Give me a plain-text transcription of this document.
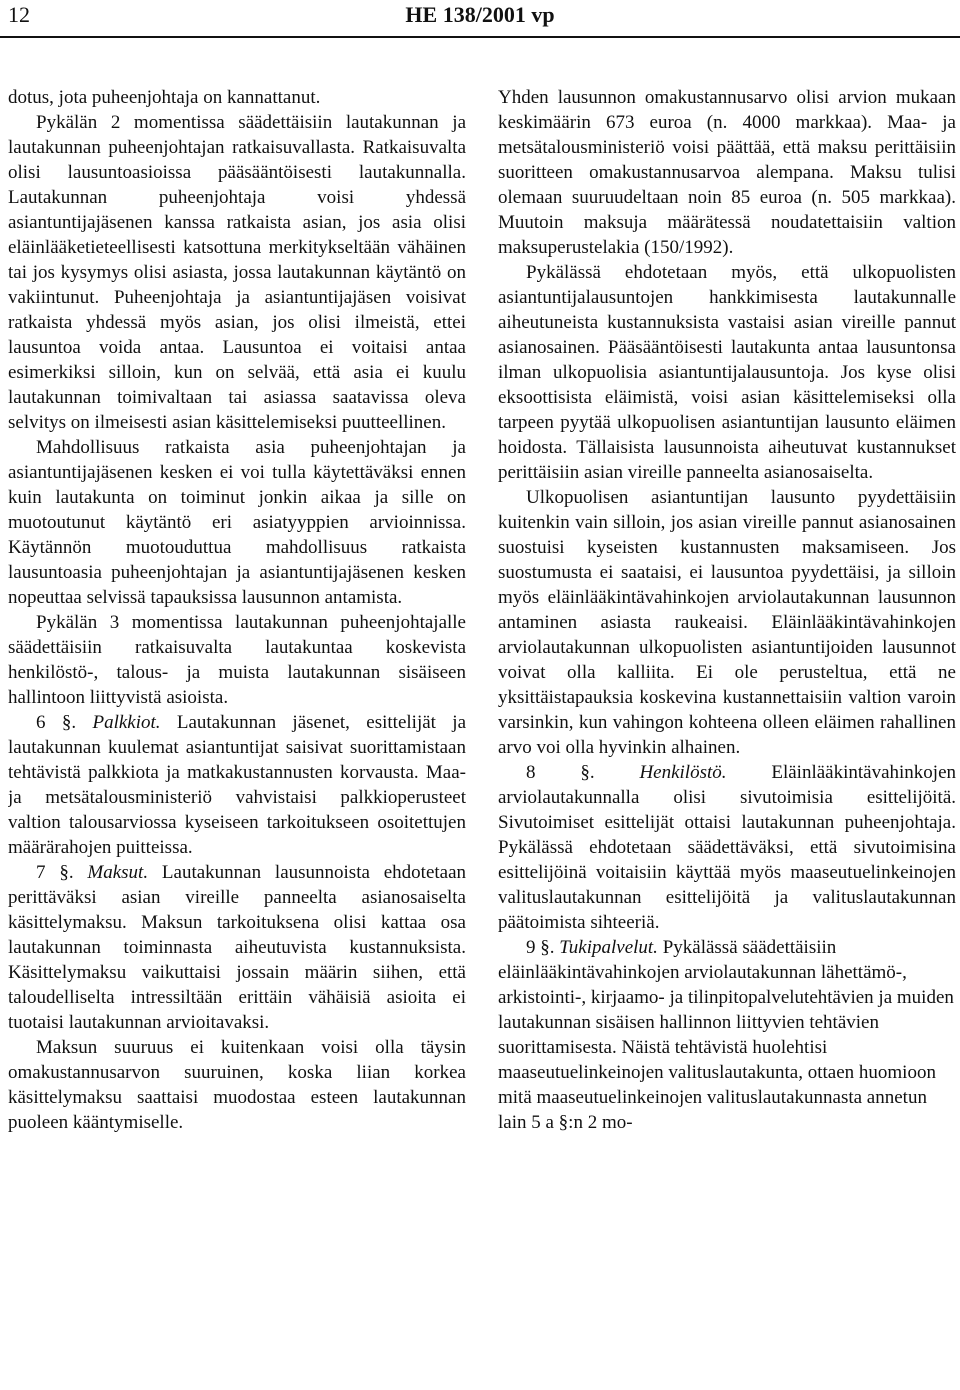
12	HE 138/2001 vp

dotus, jota puheenjohtaja on kannattanut.

Pykälän 2 momentissa säädettäisiin lautakunnan ja lautakunnan puheenjohtajan ratkaisuvallasta. Ratkaisuvalta olisi lausuntoasioissa pääsääntöisesti lautakunnalla. Lautakunnan puheenjohtaja voisi yhdessä asiantuntijajäsenen kanssa ratkaista asian, jos asia olisi eläinlääketieteellisesti katsottuna merkitykseltään vähäinen tai jos kysymys olisi asiasta, jossa lautakunnan käytäntö on vakiintunut. Puheenjohtaja ja asiantuntijajäsen voisivat ratkaista yhdessä myös asian, jos olisi ilmeistä, ettei lausuntoa voida antaa. Lausuntoa ei voitaisi antaa esimerkiksi silloin, kun on selvää, että asia ei kuulu lautakunnan toimivaltaan tai asiassa saatavissa oleva selvitys on ilmeisesti asian käsittelemiseksi puutteellinen.

Mahdollisuus ratkaista asia puheenjohtajan ja asiantuntijajäsenen kesken ei voi tulla käytettäväksi ennen kuin lautakunta on toiminut jonkin aikaa ja sille on muotoutunut käytäntö eri asiatyyppien arvioinnissa. Käytännön muotouduttua mahdollisuus ratkaista lausuntoasia puheenjohtajan ja asiantuntijajäsenen kesken nopeuttaa selvissä tapauksissa lausunnon antamista.

Pykälän 3 momentissa lautakunnan puheenjohtajalle säädettäisiin ratkaisuvalta lautakuntaa koskevista henkilöstö-, talous- ja muista lautakunnan sisäiseen hallintoon liittyvistä asioista.

6 §. Palkkiot. Lautakunnan jäsenet, esittelijät ja lautakunnan kuulemat asiantuntijat saisivat suorittamistaan tehtävistä palkkiota ja matkakustannusten korvausta. Maa- ja metsätalousministeriö vahvistaisi palkkioperusteet valtion talousarviossa kyseiseen tarkoitukseen osoitettujen määrärahojen puitteissa.

7 §. Maksut. Lautakunnan lausunnoista ehdotetaan perittäväksi asian vireille panneelta asianosaiselta käsittelymaksu. Maksun tarkoituksena olisi kattaa osa lautakunnan toiminnasta aiheutuvista kustannuksista. Käsittelymaksu vaikuttaisi jossain määrin siihen, että taloudelliselta intressiltään erittäin vähäisiä asioita ei tuotaisi lautakunnan arvioitavaksi.

Maksun suuruus ei kuitenkaan voisi olla täysin omakustannusarvon suuruinen, koska liian korkea käsittelymaksu saattaisi muodostaa esteen lautakunnan puoleen kääntymiselle.

Yhden lausunnon omakustannusarvo olisi arvion mukaan keskimäärin 673 euroa (n. 4000 markkaa). Maa- ja metsätalousministeriö voisi päättää, että maksu perittäisiin suoritteen omakustannusarvoa alempana. Maksu tulisi olemaan suuruudeltaan noin 85 euroa (n. 505 markkaa). Muutoin maksuja määrätessä noudatettaisiin valtion maksuperustelakia (150/1992).

Pykälässä ehdotetaan myös, että ulkopuolisten asiantuntijalausuntojen hankkimisesta lautakunnalle aiheutuneista kustannuksista vastaisi asian vireille pannut asianosainen. Pääsääntöisesti lautakunta antaa lausuntonsa ilman ulkopuolisia asiantuntijalausuntoja. Jos kyse olisi eksoottisista eläimistä, voisi asian käsittelemiseksi olla tarpeen pyytää ulkopuolisen asiantuntijan lausunto eläimen hoidosta. Tällaisista lausunnoista aiheutuvat kustannukset perittäisiin asian vireille panneelta asianosaiselta.

Ulkopuolisen asiantuntijan lausunto pyydettäisiin kuitenkin vain silloin, jos asian vireille pannut asianosainen suostuisi kyseisten kustannusten maksamiseen. Jos suostumusta ei saataisi, ei lausuntoa pyydettäisi, ja silloin myös eläinlääkintävahinkojen arviolautakunnan lausunnon antaminen asiasta raukeaisi. Eläinlääkintävahinkojen arviolautakunnan ulkopuolisten asiantuntijoiden lausunnot voivat olla kalliita. Ei ole perusteltua, että ne yksittäistapauksia koskevina kustannettaisiin valtion varoin varsinkin, kun vahingon kohteena olleen eläimen rahallinen arvo voi olla hyvinkin alhainen.

8 §. Henkilöstö. Eläinlääkintävahinkojen arviolautakunnalla olisi sivutoimisia esittelijöitä. Sivutoimiset esittelijät ottaisi lautakunnan puheenjohtaja. Pykälässä ehdotetaan säädettäväksi, että sivutoimisina esittelijöinä voitaisiin käyttää myös maaseutuelinkeinojen valituslautakunnan esittelijöitä ja valituslautakunnan päätoimista sihteeriä.

9 §. Tukipalvelut. Pykälässä säädettäisiin eläinlääkintävahinkojen arviolautakunnan lähettämö-, arkistointi-, kirjaamo- ja tilinpitopalvelutehtävien ja muiden lautakunnan sisäisen hallinnon liittyvien tehtävien suorittamisesta. Näistä tehtävistä huolehtisi maaseutuelinkeinojen valituslautakunta, ottaen huomioon mitä maaseutuelinkeinojen valituslautakunnasta annetun lain 5 a §:n 2 mo-
